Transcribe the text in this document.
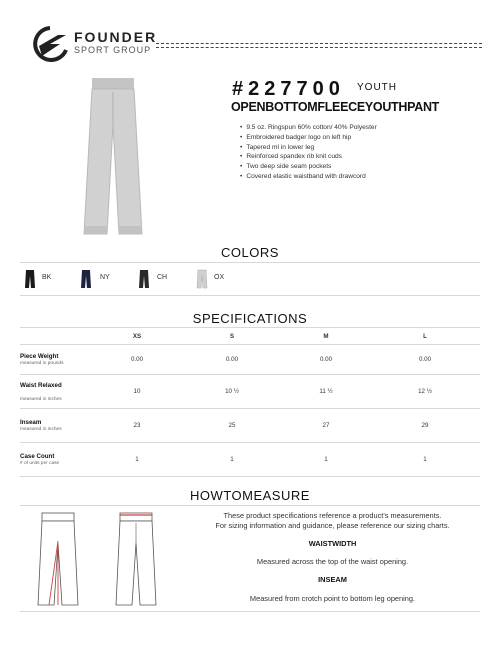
FOUNDER
SPORT GROUP
#227700 YOUTH
OPENBOTTOMFLEECEYOUTHPANT
• 9.5 oz. Ringspun 60% cotton/ 40% Polyester
• Embroidered badger logo on left hip
• Tapered ml in lower leg
• Reinforced spandex rib knit cuds
• Two deep side seam pockets
• Covered elastic waistband with drawcord
COLORS
BK	NY	CH	OX
SPECIFICATIONS
	XS	S	M	L

Piece Weight
measured in pounds	0.00	0.00	0.00	0.00

Waist Relaxed
measured in inches	10	10 ½	11 ½	12 ½

Inseam
measured in inches	23	25	27	29

Case Count
# of units per case	1	1	1	1
HOWTOMEASURE

These product specifications reference a product's measurements.

For sizing information and guidance, please reference our sizing charts.

WAISTWIDTH

Measured across the top of the waist opening.

INSEAM

Measured from crotch point to bottom leg opening.
